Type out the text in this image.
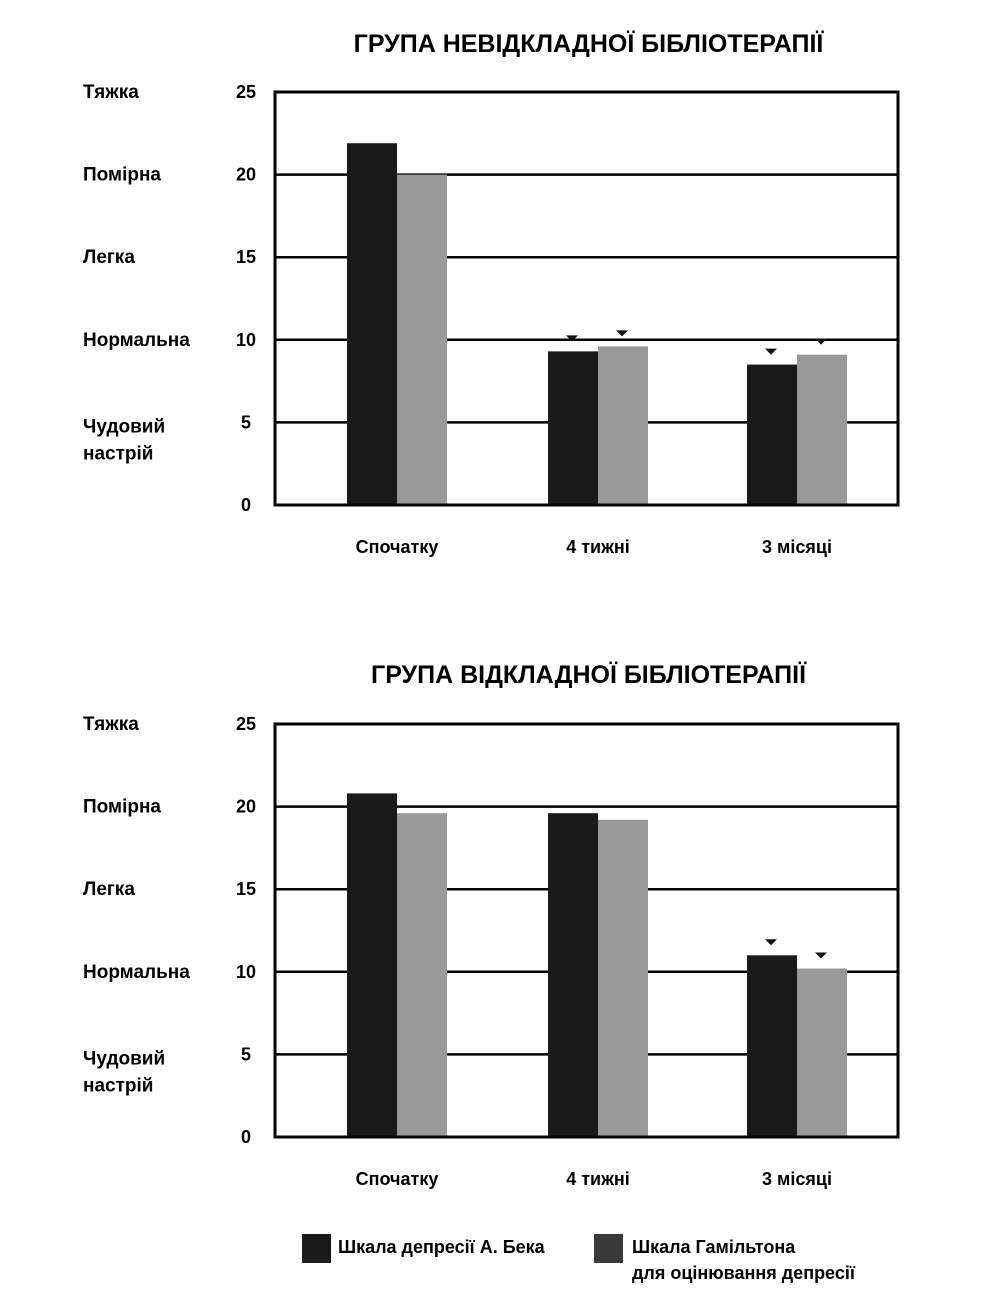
ГРУПА НЕВІДКЛАДНОЇ БІБЛІОТЕРАПІЇ
0
5
10
15
20
25
Тяжка
Помірна
Легка
Нормальна
Чудовий
настрій
Спочатку	4 тижні	3 місяці
ГРУПА ВІДКЛАДНОЇ БІБЛІОТЕРАПІЇ
0
5
10
15
20
25
Тяжка
Помірна
Легка
Нормальна
Чудовий
настрій
Спочатку	4 тижні	3 місяці
Шкала депресії А. Бека	Шкала Гамільтона
для оцінювання депресії
